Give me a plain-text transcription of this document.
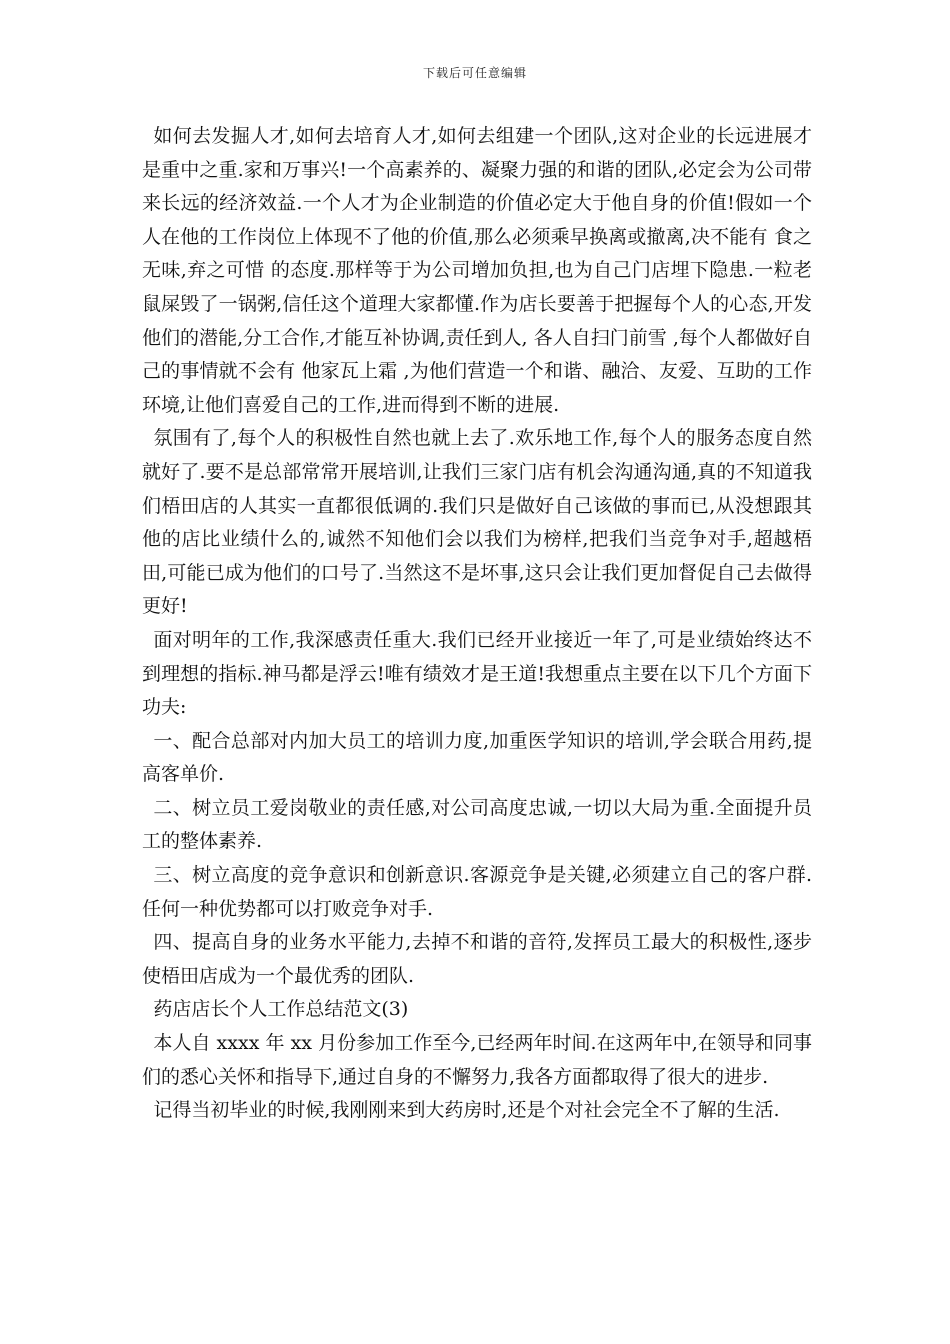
下载后可任意编辑

如何去发掘人才,如何去培育人才,如何去组建一个团队,这对企业的长远进展才是重中之重.家和万事兴!一个高素养的、凝聚力强的和谐的团队,必定会为公司带来长远的经济效益.一个人才为企业制造的价值必定大于他自身的价值!假如一个人在他的工作岗位上体现不了他的价值,那么必须乘早换离或撤离,决不能有 食之无味,弃之可惜 的态度.那样等于为公司增加负担,也为自己门店埋下隐患.一粒老鼠屎毁了一锅粥,信任这个道理大家都懂.作为店长要善于把握每个人的心态,开发他们的潜能,分工合作,才能互补协调,责任到人, 各人自扫门前雪 ,每个人都做好自己的事情就不会有 他家瓦上霜 ,为他们营造一个和谐、融洽、友爱、互助的工作环境,让他们喜爱自己的工作,进而得到不断的进展.

氛围有了,每个人的积极性自然也就上去了.欢乐地工作,每个人的服务态度自然就好了.要不是总部常常开展培训,让我们三家门店有机会沟通沟通,真的不知道我们梧田店的人其实一直都很低调的.我们只是做好自己该做的事而已,从没想跟其他的店比业绩什么的,诚然不知他们会以我们为榜样,把我们当竞争对手,超越梧田,可能已成为他们的口号了.当然这不是坏事,这只会让我们更加督促自己去做得更好!

面对明年的工作,我深感责任重大.我们已经开业接近一年了,可是业绩始终达不到理想的指标.神马都是浮云!唯有绩效才是王道!我想重点主要在以下几个方面下功夫:

一、配合总部对内加大员工的培训力度,加重医学知识的培训,学会联合用药,提高客单价.

二、树立员工爱岗敬业的责任感,对公司高度忠诚,一切以大局为重.全面提升员工的整体素养.

三、树立高度的竞争意识和创新意识.客源竞争是关键,必须建立自己的客户群.任何一种优势都可以打败竞争对手.

四、提高自身的业务水平能力,去掉不和谐的音符,发挥员工最大的积极性,逐步使梧田店成为一个最优秀的团队.

药店店长个人工作总结范文(3)

本人自 xxxx 年 xx 月份参加工作至今,已经两年时间.在这两年中,在领导和同事们的悉心关怀和指导下,通过自身的不懈努力,我各方面都取得了很大的进步.

记得当初毕业的时候,我刚刚来到大药房时,还是个对社会完全不了解的生活.
